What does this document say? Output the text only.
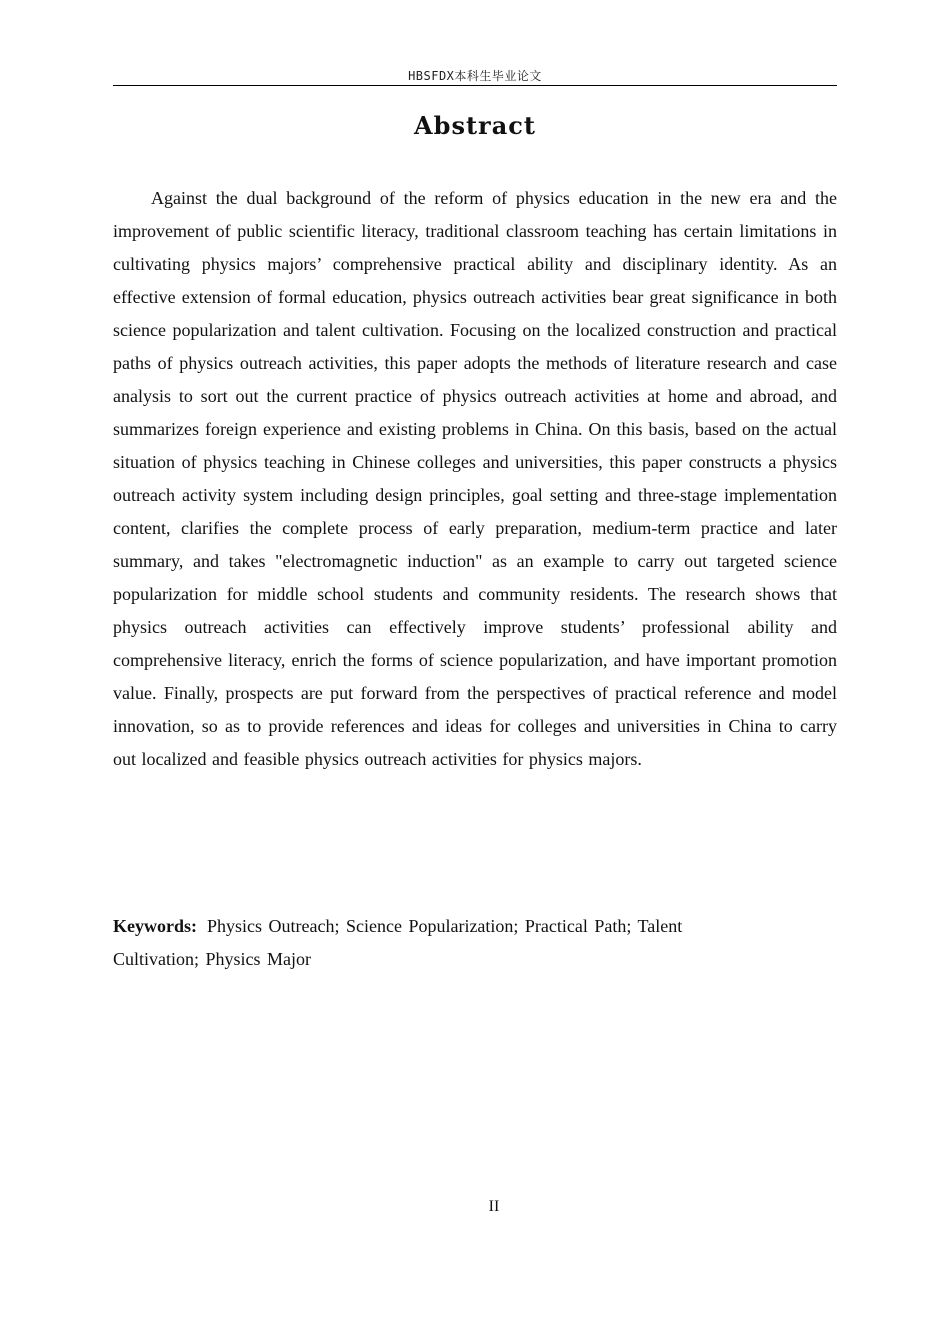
HBSFDX本科生毕业论文
Abstract

Against the dual background of the reform of physics education in the new era and the improvement of public scientific literacy, traditional classroom teaching has certain limitations in cultivating physics majors’ comprehensive practical ability and disciplinary identity. As an effective extension of formal education, physics outreach activities bear great significance in both science popularization and talent cultivation. Focusing on the localized construction and practical paths of physics outreach activities, this paper adopts the methods of literature research and case analysis to sort out the current practice of physics outreach activities at home and abroad, and summarizes foreign experience and existing problems in China. On this basis, based on the actual situation of physics teaching in Chinese colleges and universities, this paper constructs a physics outreach activity system including design principles, goal setting and three-stage implementation content, clarifies the complete process of early preparation, medium-term practice and later summary, and takes "electromagnetic induction" as an example to carry out targeted science popularization for middle school students and community residents. The research shows that physics outreach activities can effectively improve students’ professional ability and comprehensive literacy, enrich the forms of science popularization, and have important promotion value. Finally, prospects are put forward from the perspectives of practical reference and model innovation, so as to provide references and ideas for colleges and universities in China to carry out localized and feasible physics outreach activities for physics majors.

Keywords: Physics Outreach; Science Popularization; Practical Path; Talent Cultivation; Physics Major

II
